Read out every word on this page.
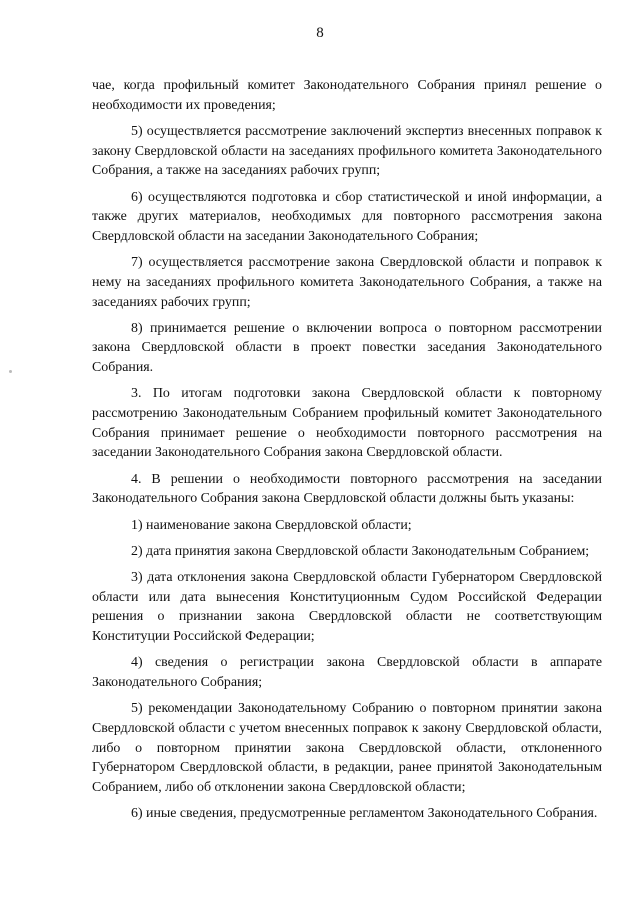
8

чае, когда профильный комитет Законодательного Собрания принял решение о необходимости их проведения;

5) осуществляется рассмотрение заключений экспертиз внесенных поправок к закону Свердловской области на заседаниях профильного комитета Законодательного Собрания, а также на заседаниях рабочих групп;

6) осуществляются подготовка и сбор статистической и иной информации, а также других материалов, необходимых для повторного рассмотрения закона Свердловской области на заседании Законодательного Собрания;

7) осуществляется рассмотрение закона Свердловской области и поправок к нему на заседаниях профильного комитета Законодательного Собрания, а также на заседаниях рабочих групп;

8) принимается решение о включении вопроса о повторном рассмотрении закона Свердловской области в проект повестки заседания Законодательного Собрания.

3. По итогам подготовки закона Свердловской области к повторному рассмотрению Законодательным Собранием профильный комитет Законодательного Собрания принимает решение о необходимости повторного рассмотрения на заседании Законодательного Собрания закона Свердловской области.

4. В решении о необходимости повторного рассмотрения на заседании Законодательного Собрания закона Свердловской области должны быть указаны:

1) наименование закона Свердловской области;

2) дата принятия закона Свердловской области Законодательным Собранием;

3) дата отклонения закона Свердловской области Губернатором Свердловской области или дата вынесения Конституционным Судом Российской Федерации решения о признании закона Свердловской области не соответствующим Конституции Российской Федерации;

4) сведения о регистрации закона Свердловской области в аппарате Законодательного Собрания;

5) рекомендации Законодательному Собранию о повторном принятии закона Свердловской области с учетом внесенных поправок к закону Свердловской области, либо о повторном принятии закона Свердловской области, отклоненного Губернатором Свердловской области, в редакции, ранее принятой Законодательным Собранием, либо об отклонении закона Свердловской области;

6) иные сведения, предусмотренные регламентом Законодательного Собрания.
